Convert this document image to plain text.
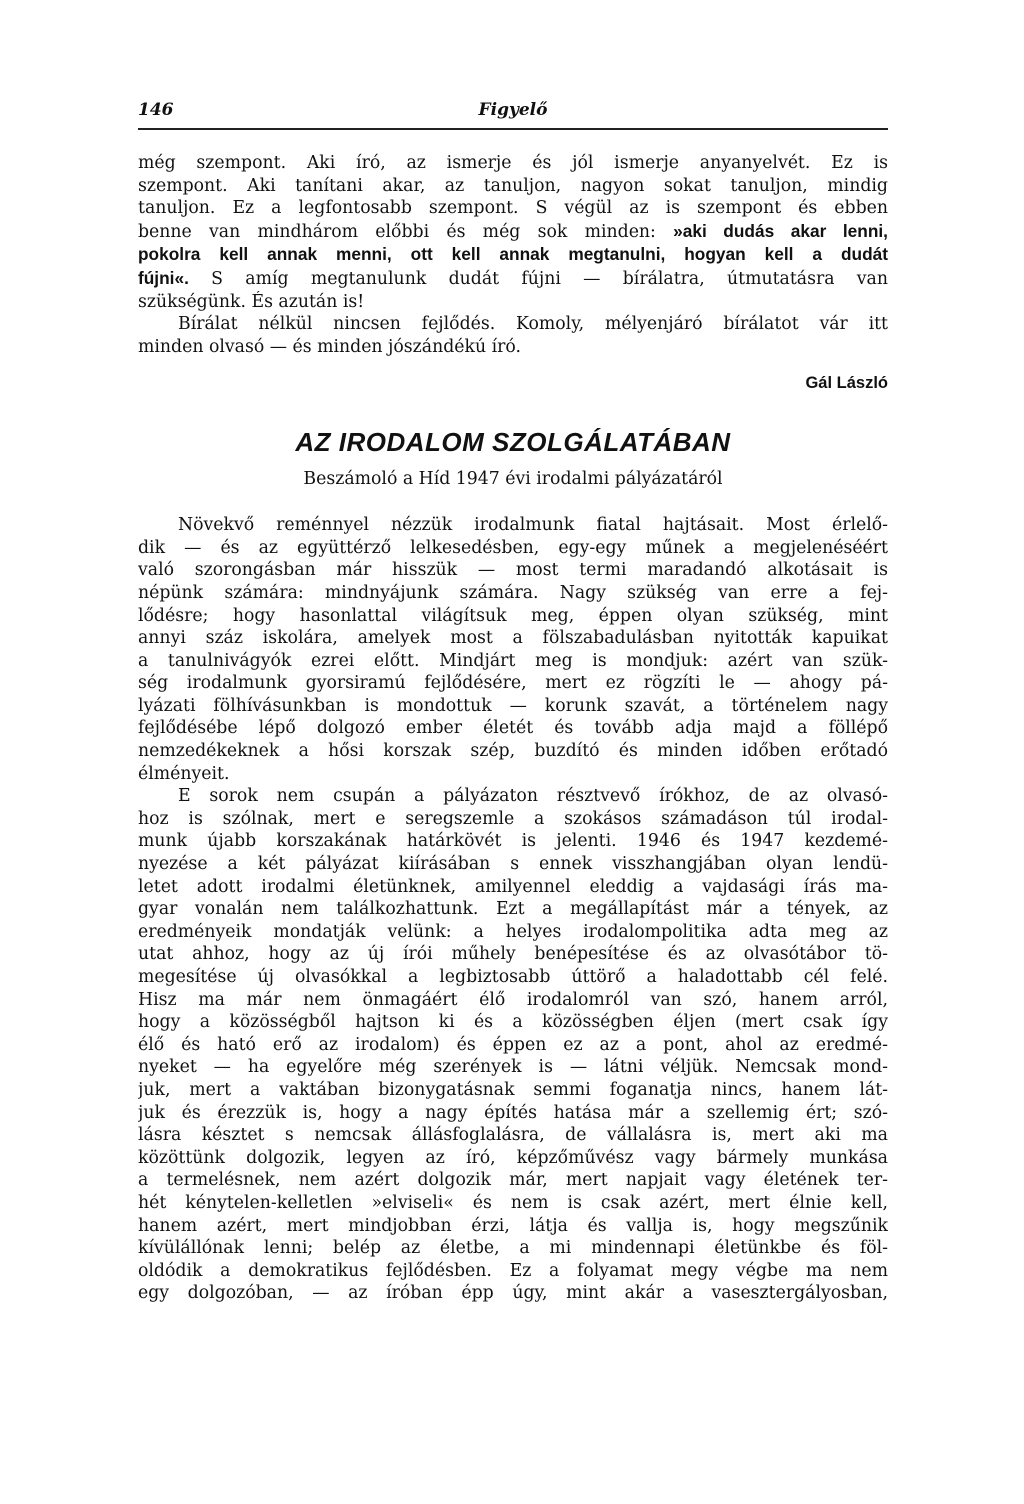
146	Figyelő
még szempont. Aki író, az ismerje és jól ismerje anyanyelvét. Ez is
szempont. Aki tanítani akar, az tanuljon, nagyon sokat tanuljon, mindig
tanuljon. Ez a legfontosabb szempont. S végül az is szempont és ebben
benne van mindhárom előbbi és még sok minden: »aki dudás akar lenni,
pokolra kell annak menni, ott kell annak megtanulni, hogyan kell a dudát
fújni«. S amíg megtanulunk dudát fújni — bírálatra, útmutatásra van
szükségünk. És azután is!
Bírálat nélkül nincsen fejlődés. Komoly, mélyenjáró bírálatot vár itt
minden olvasó — és minden jószándékú író.
Gál László
AZ IRODALOM SZOLGÁLATÁBAN
Beszámoló a Híd 1947 évi irodalmi pályázatáról
Növekvő reménnyel nézzük irodalmunk fiatal hajtásait. Most érlelő-
dik — és az együttérző lelkesedésben, egy-egy műnek a megjelenéséért
való szorongásban már hisszük — most termi maradandó alkotásait is
népünk számára: mindnyájunk számára. Nagy szükség van erre a fej-
lődésre; hogy hasonlattal világítsuk meg, éppen olyan szükség, mint
annyi száz iskolára, amelyek most a fölszabadulásban nyitották kapuikat
a tanulnivágyók ezrei előtt. Mindjárt meg is mondjuk: azért van szük-
ség irodalmunk gyorsiramú fejlődésére, mert ez rögzíti le — ahogy pá-
lyázati fölhívásunkban is mondottuk — korunk szavát, a történelem nagy
fejlődésébe lépő dolgozó ember életét és tovább adja majd a föllépő
nemzedékeknek a hősi korszak szép, buzdító és minden időben erőtadó
élményeit.
E sorok nem csupán a pályázaton résztvevő írókhoz, de az olvasó-
hoz is szólnak, mert e seregszemle a szokásos számadáson túl irodal-
munk újabb korszakának határkövét is jelenti. 1946 és 1947 kezdemé-
nyezése a két pályázat kiírásában s ennek visszhangjában olyan lendü-
letet adott irodalmi életünknek, amilyennel eleddig a vajdasági írás ma-
gyar vonalán nem találkozhattunk. Ezt a megállapítást már a tények, az
eredményeik mondatják velünk: a helyes irodalompolitika adta meg az
utat ahhoz, hogy az új írói műhely benépesítése és az olvasótábor tö-
megesítése új olvasókkal a legbiztosabb úttörő a haladottabb cél felé.
Hisz ma már nem önmagáért élő irodalomról van szó, hanem arról,
hogy a közösségből hajtson ki és a közösségben éljen (mert csak így
élő és ható erő az irodalom) és éppen ez az a pont, ahol az eredmé-
nyeket — ha egyelőre még szerények is — látni véljük. Nemcsak mond-
juk, mert a vaktában bizonygatásnak semmi foganatja nincs, hanem lát-
juk és érezzük is, hogy a nagy építés hatása már a szellemig ért; szó-
lásra késztet s nemcsak állásfoglalásra, de vállalásra is, mert aki ma
közöttünk dolgozik, legyen az író, képzőművész vagy bármely munkása
a termelésnek, nem azért dolgozik már, mert napjait vagy életének ter-
hét kénytelen-kelletlen »elviseli« és nem is csak azért, mert élnie kell,
hanem azért, mert mindjobban érzi, látja és vallja is, hogy megszűnik
kívülállónak lenni; belép az életbe, a mi mindennapi életünkbe és föl-
oldódik a demokratikus fejlődésben. Ez a folyamat megy végbe ma nem
egy dolgozóban, — az íróban épp úgy, mint akár a vasesztergályosban,
